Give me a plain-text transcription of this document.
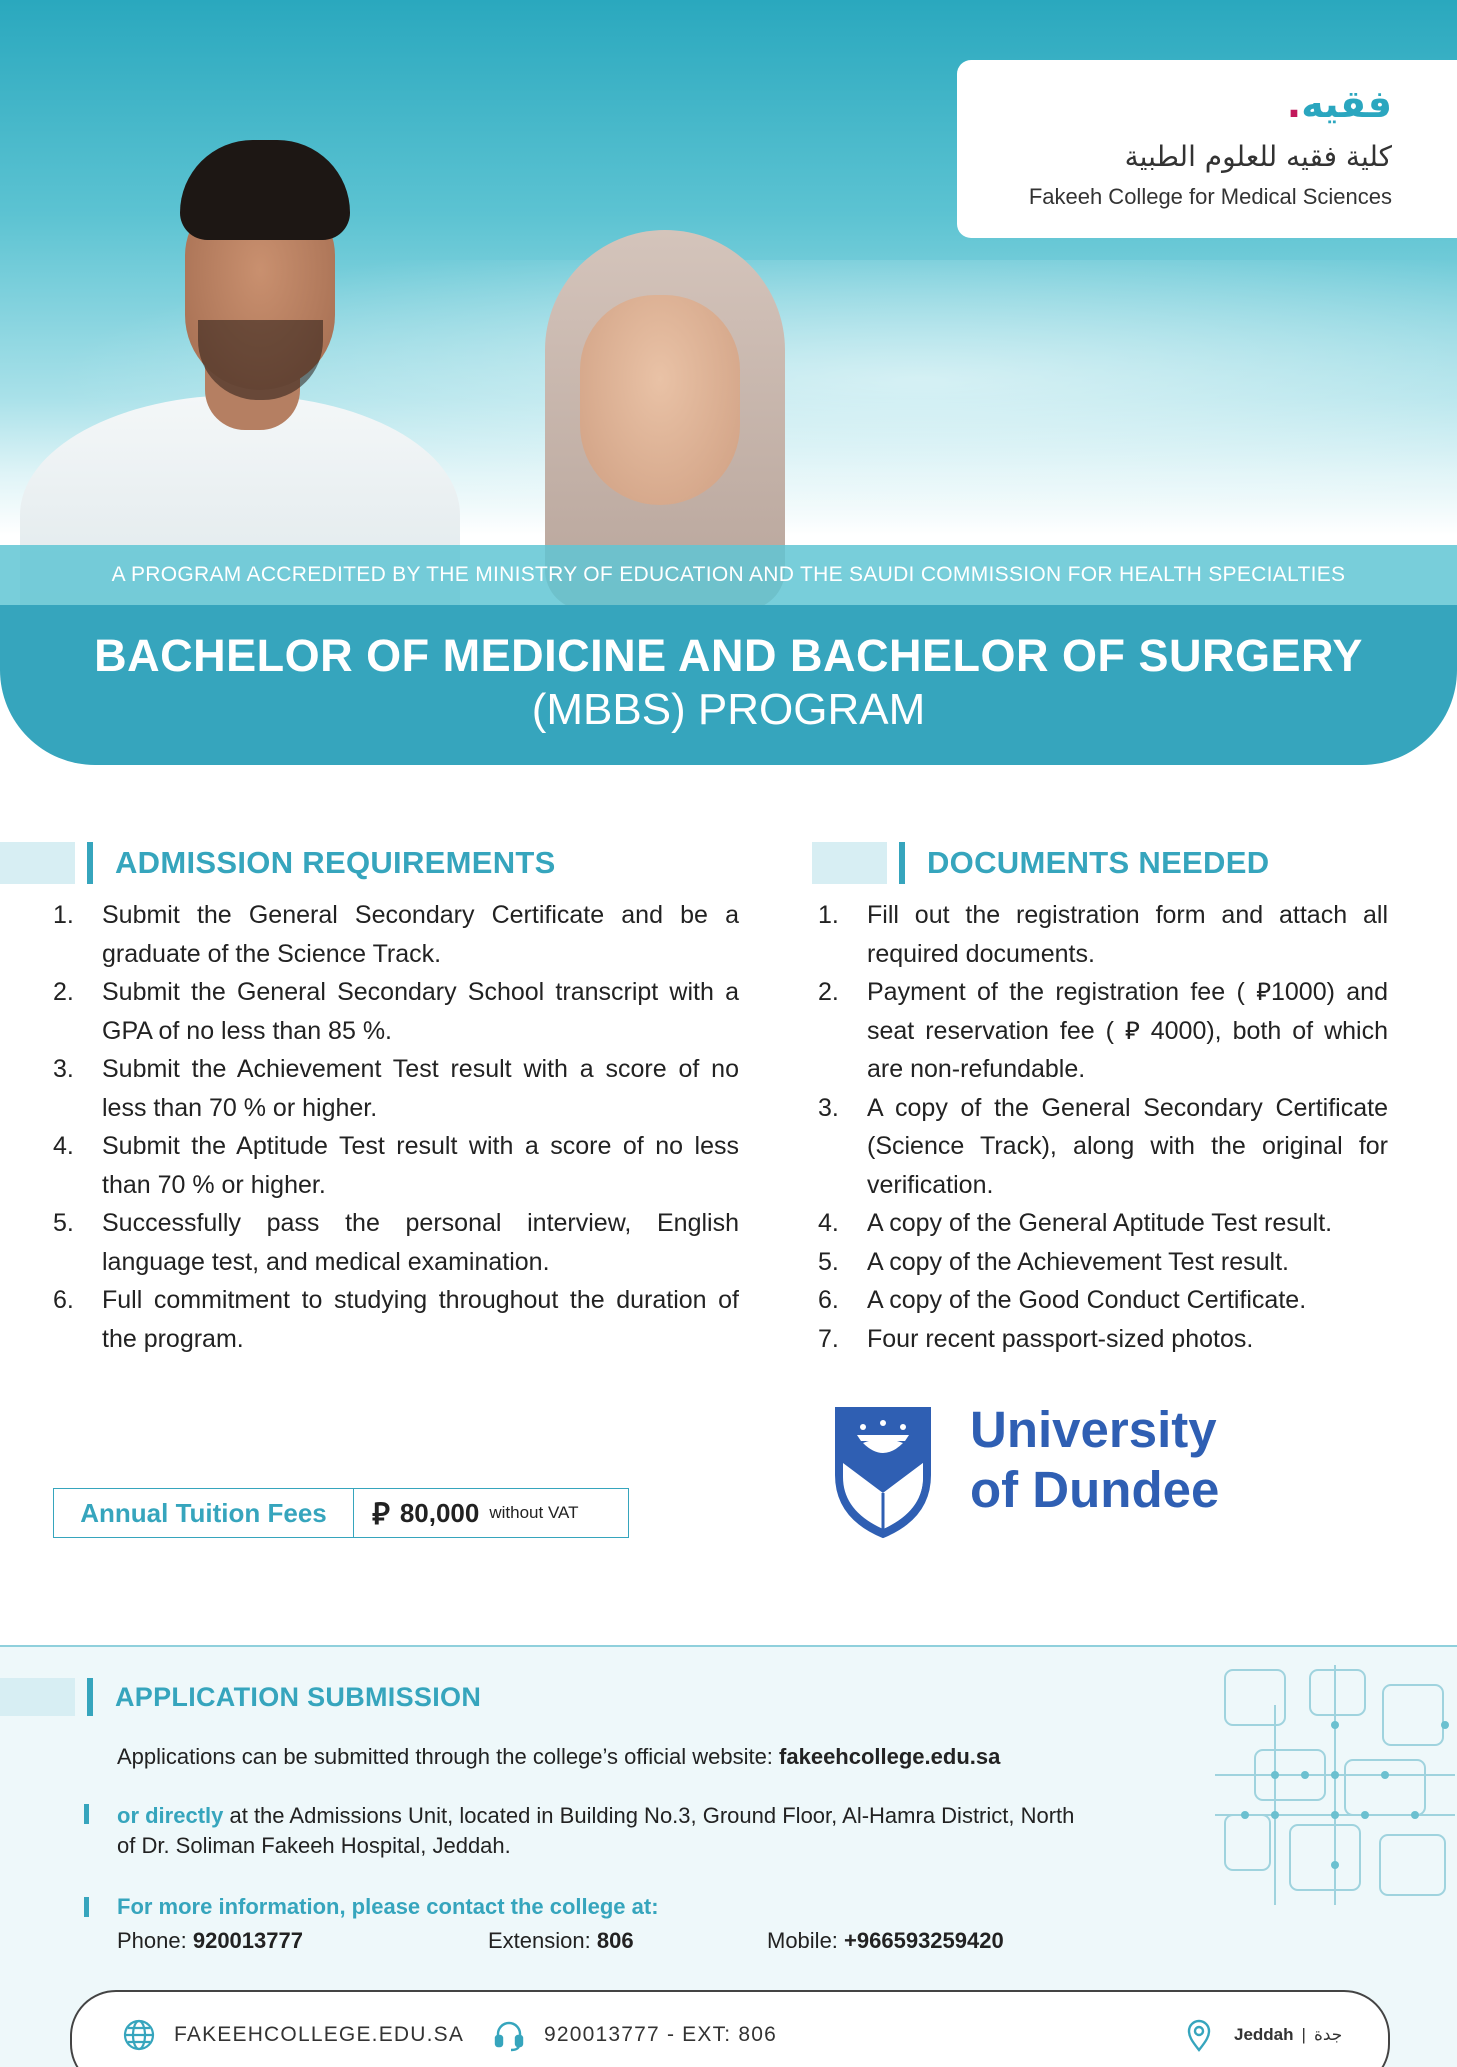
A PROGRAM ACCREDITED BY THE MINISTRY OF EDUCATION AND THE SAUDI COMMISSION FOR HEALTH SPECIALTIES
BACHELOR OF MEDICINE AND BACHELOR OF SURGERY
(MBBS) PROGRAM
.فقيه
كلية فقيه للعلوم الطبية
Fakeeh College for Medical Sciences
ADMISSION REQUIREMENTS
1.	Submit the General Secondary Certificate and be a graduate of the Science Track.
2.	Submit the General Secondary School transcript with a GPA of no less than 85 %.
3.	Submit the Achievement Test result with a score of no less than 70 % or higher.
4.	Submit the Aptitude Test result with a score of no less than 70 % or higher.
5.	Successfully pass the personal interview, English language test, and medical examination.
6.	Full commitment to studying throughout the duration of the program.
DOCUMENTS NEEDED
1.	Fill out the registration form and attach all required documents.
2.	Payment of the registration fee ( ⃁1000) and seat reservation fee ( ⃁ 4000), both of which are non-refundable.
3.	A copy of the General Secondary Certificate (Science Track), along with the original for verification.
4.	A copy of the General Aptitude Test result.
5.	A copy of the Achievement Test result.
6.	A copy of the Good Conduct Certificate.
7.	Four recent passport-sized photos.
Annual Tuition Fees	⃁ 80,000 without VAT
University
of Dundee
APPLICATION SUBMISSION
Applications can be submitted through the college’s official website: fakeehcollege.edu.sa
or directly at the Admissions Unit, located in Building No.3, Ground Floor, Al-Hamra District, North
of Dr. Soliman Fakeeh Hospital, Jeddah.
For more information, please contact the college at:
Phone: 920013777	Extension: 806	Mobile: +966593259420
FAKEEHCOLLEGE.EDU.SA	920013777 - EXT: 806	Jeddah | جدة
